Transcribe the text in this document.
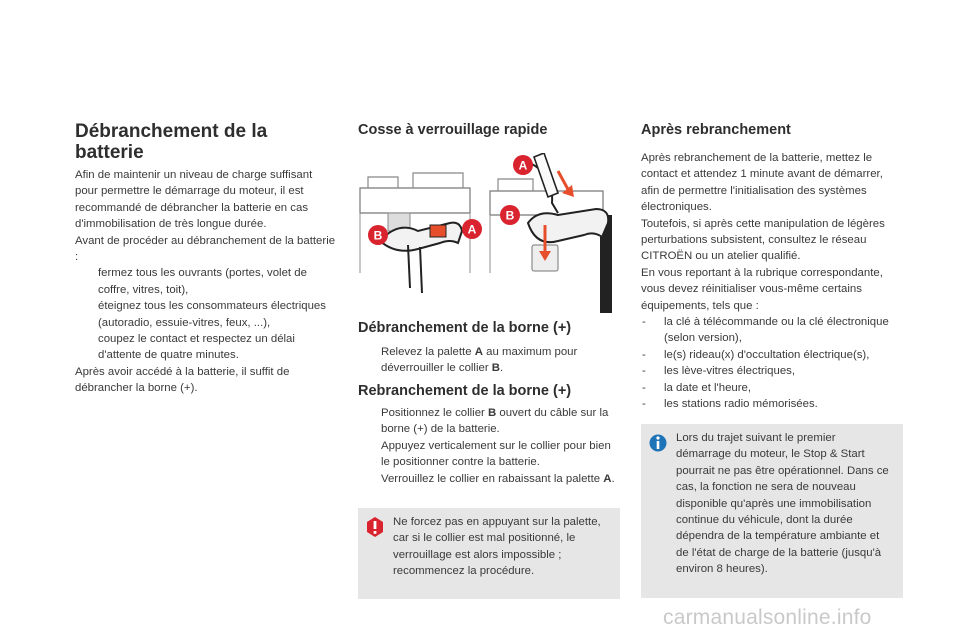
Débranchement de la batterie

Afin de maintenir un niveau de charge suffisant pour permettre le démarrage du moteur, il est recommandé de débrancher la batterie en cas d'immobilisation de très longue durée.

Avant de procéder au débranchement de la batterie :

fermez tous les ouvrants (portes, volet de coffre, vitres, toit),

éteignez tous les consommateurs électriques (autoradio, essuie-vitres, feux, ...),

coupez le contact et respectez un délai d'attente de quatre minutes.

Après avoir accédé à la batterie, il suffit de débrancher la borne (+).

Cosse à verrouillage rapide
B	A
A
B
Débranchement de la borne (+)

Relevez la palette A au maximum pour déverrouiller le collier B.

Rebranchement de la borne (+)

Positionnez le collier B ouvert du câble sur la borne (+) de la batterie.

Appuyez verticalement sur le collier pour bien le positionner contre la batterie.

Verrouillez le collier en rabaissant la palette A.

Ne forcez pas en appuyant sur la palette, car si le collier est mal positionné, le verrouillage est alors impossible ; recommencez la procédure.
Après rebranchement

Après rebranchement de la batterie, mettez le contact et attendez 1 minute avant de démarrer, afin de permettre l'initialisation des systèmes électroniques.

Toutefois, si après cette manipulation de légères perturbations subsistent, consultez le réseau CITROËN ou un atelier qualifié.

En vous reportant à la rubrique correspondante, vous devez réinitialiser vous-même certains équipements, tels que :

- la clé à télécommande ou la clé électronique (selon version),

- le(s) rideau(x) d'occultation électrique(s),

- les lève-vitres électriques,

- la date et l'heure,

- les stations radio mémorisées.

Lors du trajet suivant le premier démarrage du moteur, le Stop & Start pourrait ne pas être opérationnel. Dans ce cas, la fonction ne sera de nouveau disponible qu'après une immobilisation continue du véhicule, dont la durée dépendra de la température ambiante et de l'état de charge de la batterie (jusqu'à environ 8 heures).
carmanualsonline.info
